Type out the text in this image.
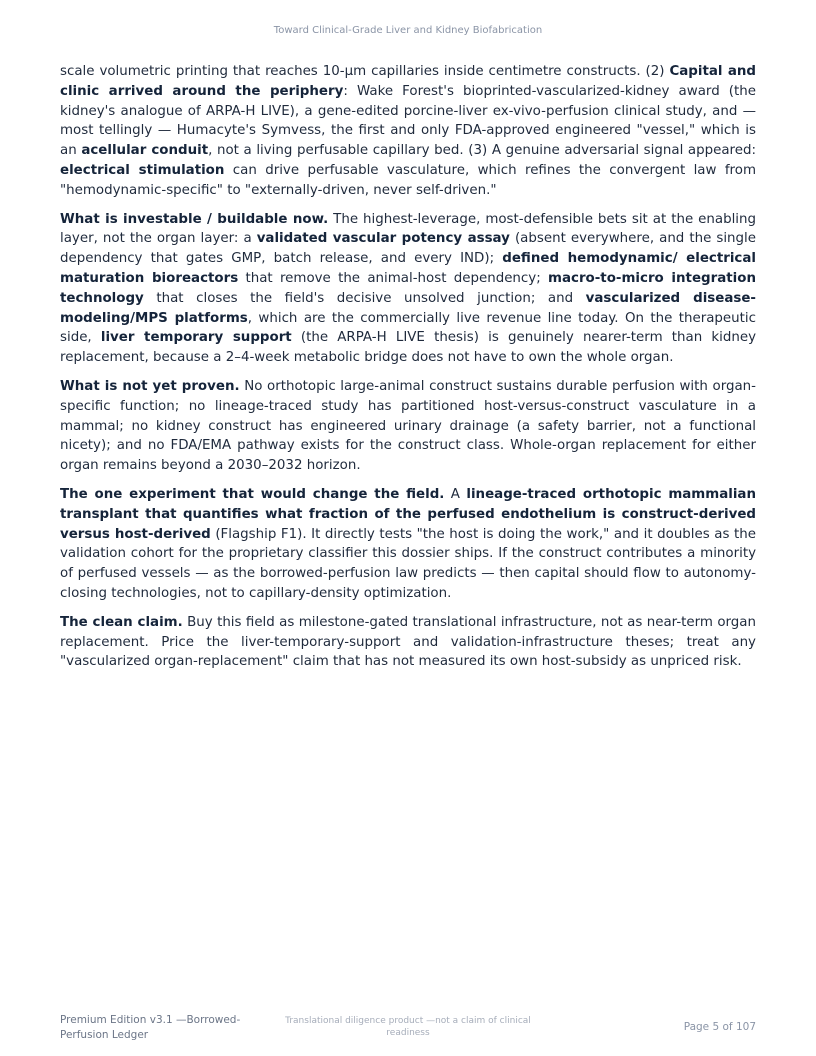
Toward Clinical-Grade Liver and Kidney Biofabrication

scale volumetric printing that reaches 10-µm capillaries inside centimetre constructs. (2) Capital and clinic arrived around the periphery: Wake Forest's bioprinted-vascularized-kidney award (the kidney's analogue of ARPA-H LIVE), a gene-edited porcine-liver ex-vivo-perfusion clinical study, and — most tellingly — Humacyte's Symvess, the first and only FDA-approved engineered "vessel," which is an acellular conduit, not a living perfusable capillary bed. (3) A genuine adversarial signal appeared: electrical stimulation can drive perfusable vasculature, which refines the convergent law from "hemodynamic-specific" to "externally-driven, never self-driven."

What is investable / buildable now. The highest-leverage, most-defensible bets sit at the enabling layer, not the organ layer: a validated vascular potency assay (absent everywhere, and the single dependency that gates GMP, batch release, and every IND); defined hemodynamic/ electrical maturation bioreactors that remove the animal-host dependency; macro-to-micro integration technology that closes the field's decisive unsolved junction; and vascularized disease-modeling/MPS platforms, which are the commercially live revenue line today. On the therapeutic side, liver temporary support (the ARPA-H LIVE thesis) is genuinely nearer-term than kidney replacement, because a 2–4-week metabolic bridge does not have to own the whole organ.

What is not yet proven. No orthotopic large-animal construct sustains durable perfusion with organ-specific function; no lineage-traced study has partitioned host-versus-construct vasculature in a mammal; no kidney construct has engineered urinary drainage (a safety barrier, not a functional nicety); and no FDA/EMA pathway exists for the construct class. Whole-organ replacement for either organ remains beyond a 2030–2032 horizon.

The one experiment that would change the field. A lineage-traced orthotopic mammalian transplant that quantifies what fraction of the perfused endothelium is construct-derived versus host-derived (Flagship F1). It directly tests "the host is doing the work," and it doubles as the validation cohort for the proprietary classifier this dossier ships. If the construct contributes a minority of perfused vessels — as the borrowed-perfusion law predicts — then capital should flow to autonomy-closing technologies, not to capillary-density optimization.

The clean claim. Buy this field as milestone-gated translational infrastructure, not as near-term organ replacement. Price the liver-temporary-support and validation-infrastructure theses; treat any "vascularized organ-replacement" claim that has not measured its own host-subsidy as unpriced risk.

Premium Edition v3.1 —Borrowed-Perfusion Ledger
Translational diligence product —not a claim of clinical readiness	Page 5 of 107
